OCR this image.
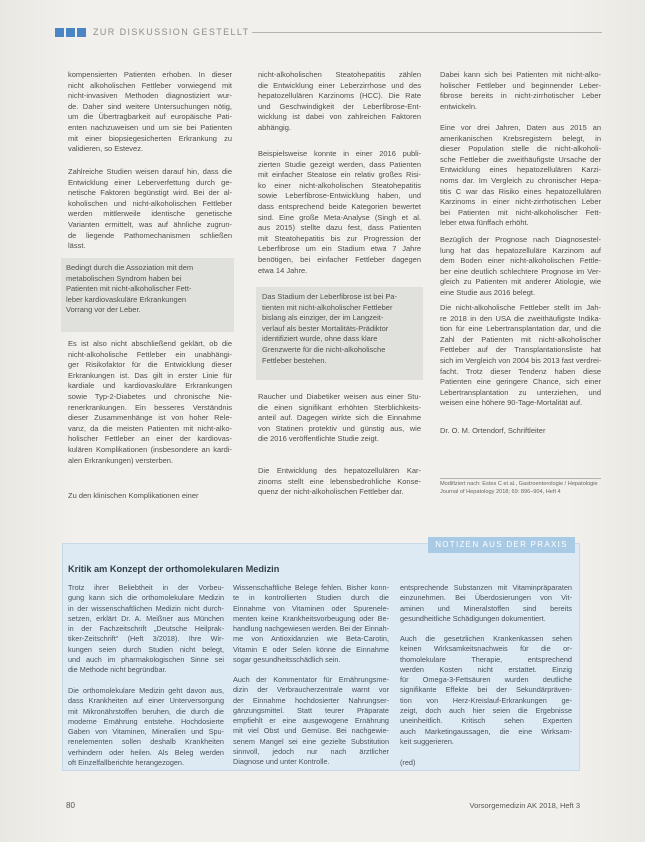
ZUR DISKUSSION GESTELLT
kompensierten Patienten erhoben. In dieser
nicht alkoholischen Fettleber vorwiegend mit
nicht-invasiven Methoden diagnostiziert wur-
de. Daher sind weitere Untersuchungen nötig,
um die Übertragbarkeit auf europäische Pati-
enten nachzuweisen und um sie bei Patienten
mit einer biopsiegesicherten Erkrankung zu
validieren, so Estevez.
Zahlreiche Studien weisen darauf hin, dass die
Entwicklung einer Leberverfettung durch ge-
netische Faktoren begünstigt wird. Bei der al-
koholischen und nicht-alkoholischen Fettleber
werden mittlerweile identische genetische
Varianten ermittelt, was auf ähnliche zugrun-
de liegende Pathomechanismen schließen
lässt.
Bedingt durch die Assoziation mit dem
metabolischen Syndrom haben bei
Patienten mit nicht-alkoholischer Fett-
leber kardiovaskuläre Erkrankungen
Vorrang vor der Leber.
Es ist also nicht abschließend geklärt, ob die
nicht-alkoholische Fettleber ein unabhängi-
ger Risikofaktor für die Entwicklung dieser
Erkrankungen ist. Das gilt in erster Linie für
kardiale und kardiovaskuläre Erkrankungen
sowie Typ-2-Diabetes und chronische Nie-
renerkrankungen. Ein besseres Verständnis
dieser Zusammenhänge ist von hoher Rele-
vanz, da die meisten Patienten mit nicht-alko-
holischer Fettleber an einer der kardiovas-
kulären Komplikationen (insbesondere an kardi-
alen Erkrankungen) versterben.
Zu den klinischen Komplikationen einer
nicht-alkoholischen Steatohepatitis zählen
die Entwicklung einer Leberzirrhose und des
hepatozellulären Karzinoms (HCC). Die Rate
und Geschwindigkeit der Leberfibrose-Ent-
wicklung ist dabei von zahlreichen Faktoren
abhängig.
Beispielsweise konnte in einer 2016 publi-
zierten Studie gezeigt werden, dass Patienten
mit einfacher Steatose ein relativ großes Risi-
ko einer nicht-alkoholischen Steatohepatitis
sowie Leberfibrose-Entwicklung haben, und
dass entsprechend beide Kategorien bewertet
sind. Eine große Meta-Analyse (Singh et al.
aus 2015) stellte dazu fest, dass Patienten
mit Steatohepatitis bis zur Progression der
Leberfibrose um ein Stadium etwa 7 Jahre
benötigen, bei einfacher Fettleber dagegen
etwa 14 Jahre.
Das Stadium der Leberfibrose ist bei Pa-
tienten mit nicht-alkoholischer Fettleber
bislang als einziger, der im Langzeit-
verlauf als bester Mortalitäts-Prädiktor
identifiziert wurde, ohne dass klare
Grenzwerte für die nicht-alkoholische
Fettleber bestehen.
Raucher und Diabetiker weisen aus einer Stu-
die einen signifikant erhöhten Sterblichkeits-
anteil auf. Dagegen wirkte sich die Einnahme
von Statinen protektiv und günstig aus, wie
die 2016 veröffentlichte Studie zeigt.
Die Entwicklung des hepatozellulären Kar-
zinoms stellt eine lebensbedrohliche Konse-
quenz der nicht-alkoholischen Fettleber dar.
Dabei kann sich bei Patienten mit nicht-alko-
holischer Fettleber und beginnender Leber-
fibrose bereits in nicht-zirrhotischer Leber
entwickeln.
Eine vor drei Jahren, Daten aus 2015 an
amerikanischen Krebsregistern belegt, in
dieser Population stelle die nicht-alkoholi-
sche Fettleber die zweithäufigste Ursache der
Entwicklung eines hepatozellulären Karzi-
noms dar. Im Vergleich zu chronischer Hepa-
titis C war das Risiko eines hepatozellulären
Karzinoms in einer nicht-zirrhotischen Leber
bei Patienten mit nicht-alkoholischer Fett-
leber etwa fünffach erhöht.
Bezüglich der Prognose nach Diagnosestel-
lung hat das hepatozelluläre Karzinom auf
dem Boden einer nicht-alkoholischen Fettle-
ber eine deutlich schlechtere Prognose im Ver-
gleich zu Patienten mit anderer Ätiologie, wie
eine Studie aus 2016 belegt.
Die nicht-alkoholische Fettleber stellt im Jah-
re 2018 in den USA die zweithäufigste Indika-
tion für eine Lebertransplantation dar, und die
Zahl der Patienten mit nicht-alkoholischer
Fettleber auf der Transplantationsliste hat
sich im Vergleich von 2004 bis 2013 fast verdrei-
facht. Trotz dieser Tendenz haben diese
Patienten eine geringere Chance, sich einer
Lebertransplantation zu unterziehen, und
weisen eine höhere 90-Tage-Mortalität auf.
Dr. O. M. Ortendorf, Schriftleiter
Modifiziert nach: Estes C et al., Gastroenterologie / Hepatologie
Journal of Hepatology 2018; 69: 896–904, Heft 4
NOTIZEN AUS DER PRAXIS
Kritik am Konzept der orthomolekularen Medizin
Trotz ihrer Beliebtheit in der Vorbeu-
gung kann sich die orthomolekulare Medizin
in der wissenschaftlichen Medizin nicht durch-
setzen, erklärt Dr. A. Meißner aus München
in der Fachzeitschrift „Deutsche Heilprak-
tiker-Zeitschrift“ (Heft 3/2018). Ihre Wir-
kungen seien durch Studien nicht belegt,
und auch im pharmakologischen Sinne sei
die Methode nicht begründbar.
Die orthomolekulare Medizin geht davon aus,
dass Krankheiten auf einer Unterversorgung
mit Mikronährstoffen beruhen, die durch die
moderne Ernährung entstehe. Hochdosierte
Gaben von Vitaminen, Mineralien und Spu-
renelementen sollen deshalb Krankheiten
verhindern oder heilen. Als Beleg werden
oft Einzelfallberichte herangezogen.
Wissenschaftliche Belege fehlen. Bisher konn-
te in kontrollierten Studien durch die
Einnahme von Vitaminen oder Spurenele-
menten keine Krankheitsvorbeugung oder Be-
handlung nachgewiesen werden. Bei der Einnah-
me von Antioxidanzien wie Beta-Carotin,
Vitamin E oder Selen könne die Einnahme
sogar gesundheitsschädlich sein.
Auch der Kommentator für Ernährungsme-
dizin der Verbraucherzentrale warnt vor
der Einnahme hochdosierter Nahrungser-
gänzungsmittel. Statt teurer Präparate
empfiehlt er eine ausgewogene Ernährung
mit viel Obst und Gemüse. Bei nachgewie-
senem Mangel sei eine gezielte Substitution
sinnvoll, jedoch nur nach ärztlicher
Diagnose und unter Kontrolle.
entsprechende Substanzen mit Vitaminpräparaten
einzunehmen. Bei Überdosierungen von Vit-
aminen und Mineralstoffen sind bereits
gesundheitliche Schädigungen dokumentiert.
Auch die gesetzlichen Krankenkassen sehen
keinen Wirksamkeitsnachweis für die or-
thomolekulare Therapie, entsprechend
werden Kosten nicht erstattet. Einzig
für Omega-3-Fettsäuren wurden deutliche
signifikante Effekte bei der Sekundärpräven-
tion von Herz-Kreislauf-Erkrankungen ge-
zeigt, doch auch hier seien die Ergebnisse
uneinheitlich. Kritisch sehen Experten
auch Marketingaussagen, die eine Wirksam-
keit suggerieren.
(red)
80	Vorsorgemedizin AK 2018, Heft 3
